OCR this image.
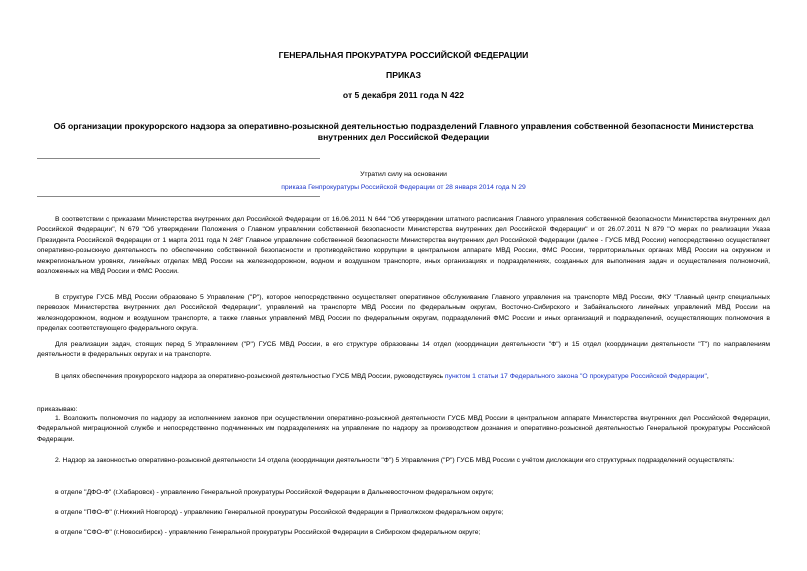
ГЕНЕРАЛЬНАЯ ПРОКУРАТУРА РОССИЙСКОЙ ФЕДЕРАЦИИ
ПРИКАЗ
от 5 декабря 2011 года N 422
Об организации прокурорского надзора за оперативно-розыскной деятельностью подразделений Главного управления собственной безопасности Министерства внутренних дел Российской Федерации
Утратил силу на основании
приказа Генпрокуратуры Российской Федерации от 28 января 2014 года N 29
В соответствии с приказами Министерства внутренних дел Российской Федерации от 16.06.2011 N 644 "Об утверждении штатного расписания Главного управления собственной безопасности Министерства внутренних дел Российской Федерации", N 679 "Об утверждении Положения о Главном управлении собственной безопасности Министерства внутренних дел Российской Федерации" и от 26.07.2011 N 879 "О мерах по реализации Указа Президента Российской Федерации от 1 марта 2011 года N 248" Главное управление собственной безопасности Министерства внутренних дел Российской Федерации (далее - ГУСБ МВД России) непосредственно осуществляет оперативно-розыскную деятельность по обеспечению собственной безопасности и противодействию коррупции в центральном аппарате МВД России, ФМС России, территориальных органах МВД России на окружном и межрегиональном уровнях, линейных отделах МВД России на железнодорожном, водном и воздушном транспорте, иных организациях и подразделениях, созданных для выполнения задач и осуществления полномочий, возложенных на МВД России и ФМС России.
В структуре ГУСБ МВД России образовано 5 Управление ("Р"), которое непосредственно осуществляет оперативное обслуживание Главного управления на транспорте МВД России, ФКУ "Главный центр специальных перевозок Министерства внутренних дел Российской Федерации", управлений на транспорте МВД России по федеральным округам, Восточно-Сибирского и Забайкальского линейных управлений МВД России на железнодорожном, водном и воздушном транспорте, а также главных управлений МВД России по федеральным округам, подразделений ФМС России и иных организаций и подразделений, осуществляющих полномочия в пределах соответствующего федерального округа.
Для реализации задач, стоящих перед 5 Управлением ("Р") ГУСБ МВД России, в его структуре образованы 14 отдел (координации деятельности "Ф") и 15 отдел (координации деятельности "Т") по направлениям деятельности в федеральных округах и на транспорте.
В целях обеспечения прокурорского надзора за оперативно-розыскной деятельностью ГУСБ МВД России, руководствуясь пунктом 1 статьи 17 Федерального закона "О прокуратуре Российской Федерации",
приказываю:
1. Возложить полномочия по надзору за исполнением законов при осуществлении оперативно-розыскной деятельности ГУСБ МВД России в центральном аппарате Министерства внутренних дел Российской Федерации, Федеральной миграционной службе и непосредственно подчиненных им подразделениях на управление по надзору за производством дознания и оперативно-розыскной деятельностью Генеральной прокуратуры Российской Федерации.
2. Надзор за законностью оперативно-розыскной деятельности 14 отдела (координации деятельности "Ф") 5 Управления ("Р") ГУСБ МВД России с учётом дислокации его структурных подразделений осуществлять:
в отделе "ДФО-Ф" (г.Хабаровск) - управлению Генеральной прокуратуры Российской Федерации в Дальневосточном федеральном округе;
в отделе "ПФО-Ф" (г.Нижний Новгород) - управлению Генеральной прокуратуры Российской Федерации в Приволжском федеральном округе;
в отделе "СФО-Ф" (г.Новосибирск) - управлению Генеральной прокуратуры Российской Федерации в Сибирском федеральном округе;
